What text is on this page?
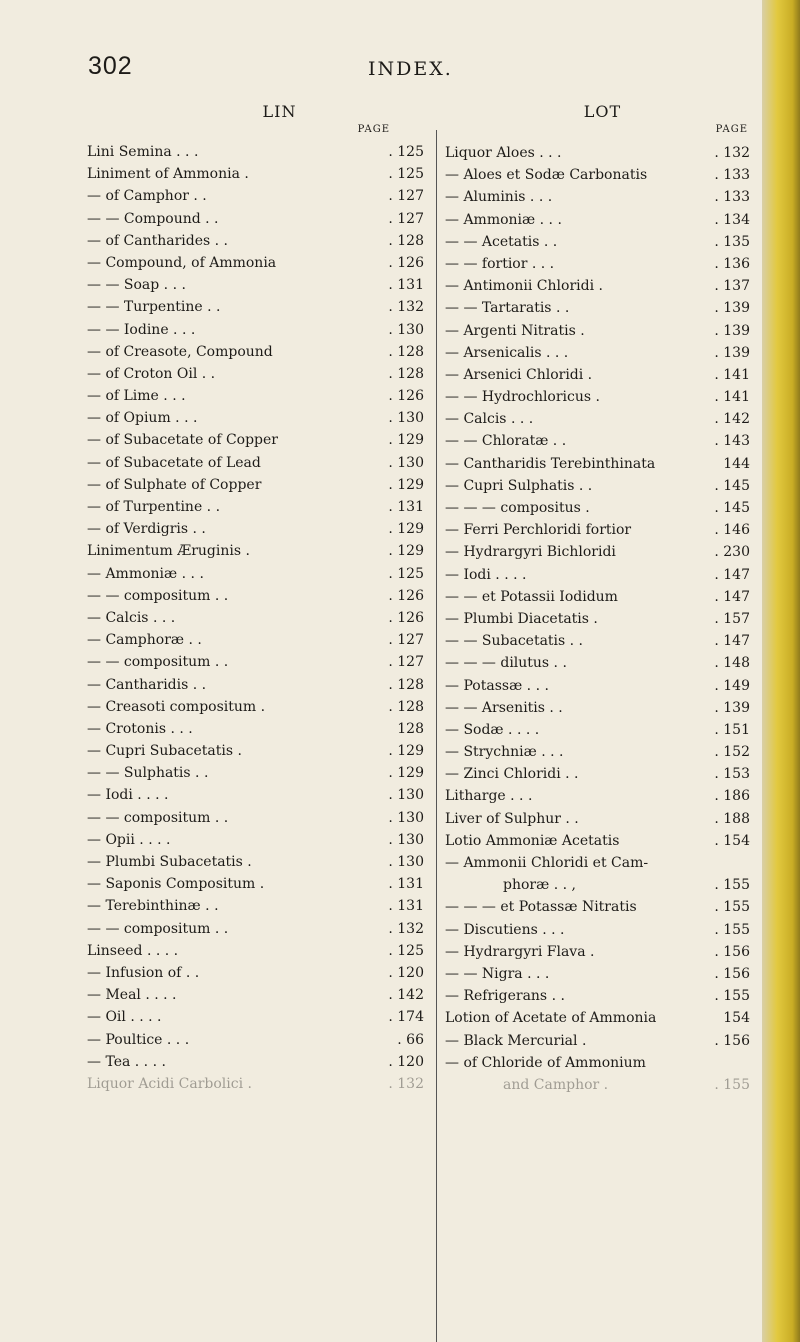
302	INDEX.
LIN
PAGE
Lini Semina . . .	. 125
Liniment of Ammonia .	. 125
— of Camphor . .	. 127
— — Compound . .	. 127
— of Cantharides . .	. 128
— Compound, of Ammonia	. 126
— — Soap . . .	. 131
— — Turpentine . .	. 132
— — Iodine . . .	. 130
— of Creasote, Compound	. 128
— of Croton Oil . .	. 128
— of Lime . . .	. 126
— of Opium . . .	. 130
— of Subacetate of Copper	. 129
— of Subacetate of Lead	. 130
— of Sulphate of Copper	. 129
— of Turpentine . .	. 131
— of Verdigris . .	. 129
Linimentum Æruginis .	. 129
— Ammoniæ . . .	. 125
— — compositum . .	. 126
— Calcis . . .	. 126
— Camphoræ . .	. 127
— — compositum . .	. 127
— Cantharidis . .	. 128
— Creasoti compositum .	. 128
— Crotonis . . .	128
— Cupri Subacetatis .	. 129
— — Sulphatis . .	. 129
— Iodi . . . .	. 130
— — compositum . .	. 130
— Opii . . . .	. 130
— Plumbi Subacetatis .	. 130
— Saponis Compositum .	. 131
— Terebinthinæ . .	. 131
— — compositum . .	. 132
Linseed . . . .	. 125
— Infusion of . .	. 120
— Meal . . . .	. 142
— Oil . . . .	. 174
— Poultice . . .	. 66
— Tea . . . .	. 120
Liquor Acidi Carbolici .	. 132
LOT
PAGE
Liquor Aloes . . .	. 132
— Aloes et Sodæ Carbonatis	. 133
— Aluminis . . .	. 133
— Ammoniæ . . .	. 134
— — Acetatis . .	. 135
— — fortior . . .	. 136
— Antimonii Chloridi .	. 137
— — Tartaratis . .	. 139
— Argenti Nitratis .	. 139
— Arsenicalis . . .	. 139
— Arsenici Chloridi .	. 141
— — Hydrochloricus .	. 141
— Calcis . . .	. 142
— — Chloratæ . .	. 143
— Cantharidis Terebinthinata	144
— Cupri Sulphatis . .	. 145
— — — compositus .	. 145
— Ferri Perchloridi fortior	. 146
— Hydrargyri Bichloridi	. 230
— Iodi . . . .	. 147
— — et Potassii Iodidum	. 147
— Plumbi Diacetatis .	. 157
— — Subacetatis . .	. 147
— — — dilutus . .	. 148
— Potassæ . . .	. 149
— — Arsenitis . .	. 139
— Sodæ . . . .	. 151
— Strychniæ . . .	. 152
— Zinci Chloridi . .	. 153
Litharge . . .	. 186
Liver of Sulphur . .	. 188
Lotio Ammoniæ Acetatis	. 154
— Ammonii Chloridi et Cam-
phoræ . . ,	. 155
— — — et Potassæ Nitratis	. 155
— Discutiens . . .	. 155
— Hydrargyri Flava .	. 156
— — Nigra . . .	. 156
— Refrigerans . .	. 155
Lotion of Acetate of Ammonia	154
— Black Mercurial .	. 156
— of Chloride of Ammonium
and Camphor .	. 155
